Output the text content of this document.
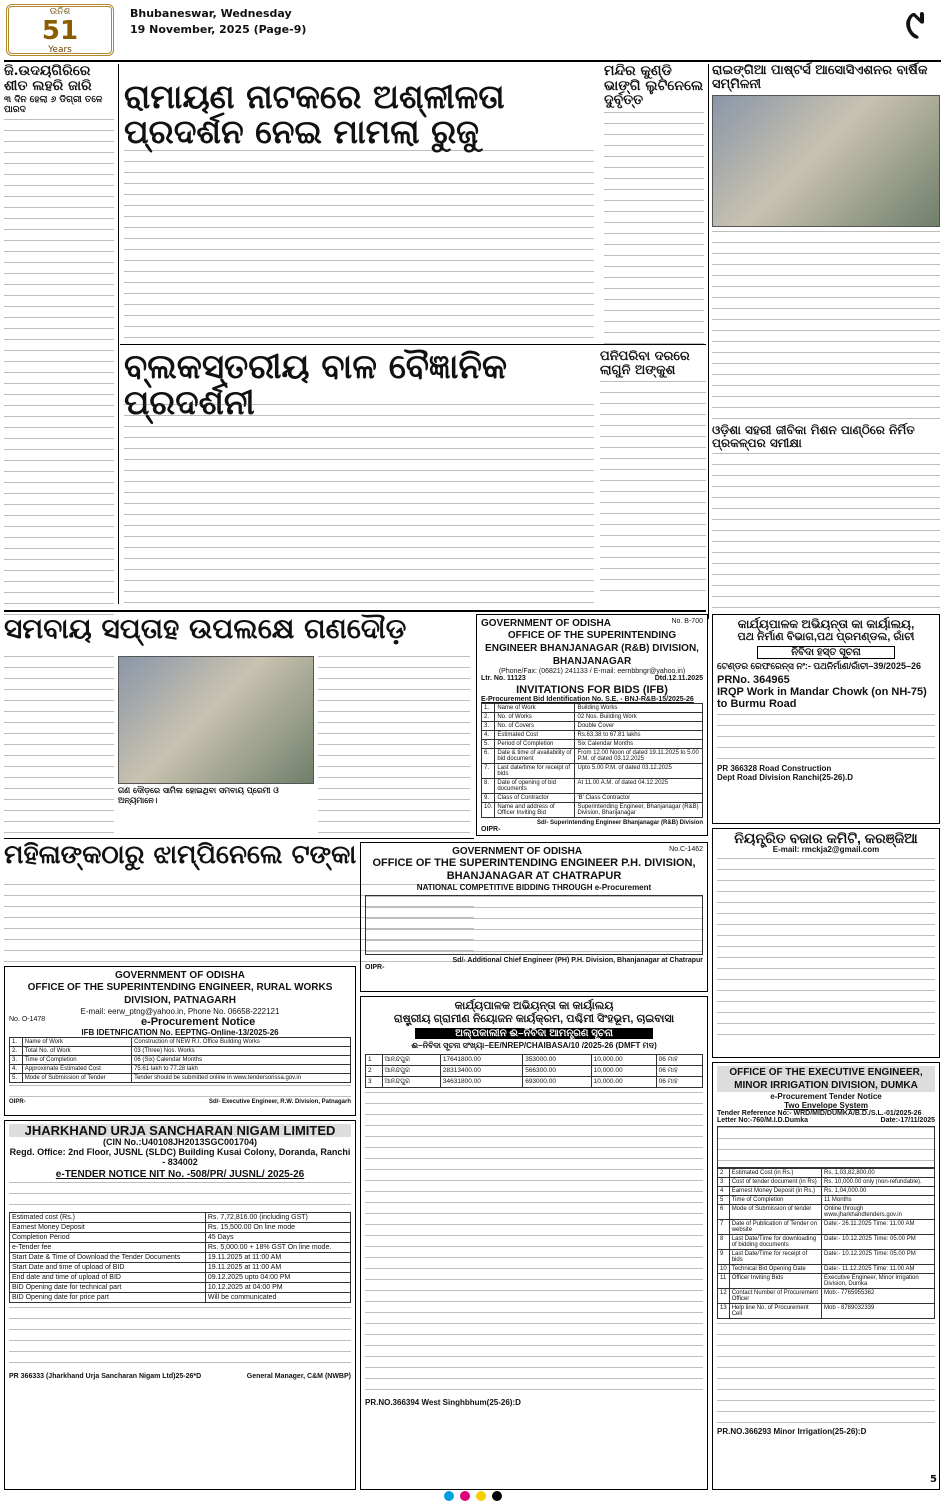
ଉନିଶ
51
Years
Bhubaneswar, Wednesday
19 November, 2025 (Page-9)	୯
ଜି.ଉଦୟଗିରିରେ ଶୀତ ଲହରି ଜାରି
୩ ଦିନ ହେଲା ୬ ଡିଗ୍ରୀ ତଳେ ପାରଦ	ରାମାୟଣ ନାଟକରେ ଅଶ୍ଳୀଳତା ପ୍ରଦର୍ଶନ ନେଇ ମାମଲା ରୁଜୁ
ମନ୍ଦିର କୁଣ୍ଡି ଭାଙ୍ଗି ଲୁଟିନେଲେ ଦୁର୍ବୃତ୍ତ
ରାଇଙ୍ଗିଆ ପାଷ୍ଟର୍ସ ଆସୋସିଏଶନର ବାର୍ଷିକ ସମ୍ମିଳନୀ
ବ୍ଲକସ୍ତରୀୟ ବାଳ ବୈଜ୍ଞାନିକ ପ୍ରଦର୍ଶନୀ
ପନିପରିବା ଦରରେ ଲାଗୁନି ଅଙ୍କୁଶ
ଓଡ଼ିଶା ସହରୀ ଜୀବିକା ମିଶନ ପାଣ୍ଠିରେ ନିର୍ମିତ ପ୍ରକଳ୍ପର ସମୀକ୍ଷା
ସମବାୟ ସପ୍ତାହ ଉପଲକ୍ଷେ ଗଣଦୌଡ଼
ଗଣ ଦୌଡ଼ରେ ସାମିଲ ହୋଇଥିବା ସମବାୟ ପ୍ରେମୀ ଓ ଅନ୍ୟମାନେ।
ମହିଳାଙ୍କଠାରୁ ଝାମ୍ପିନେଲେ ଟଙ୍କା
GOVERNMENT OF ODISHA	No. B-700
OFFICE OF THE SUPERINTENDING ENGINEER BHANJANAGAR (R&B) DIVISION, BHANJANAGAR
(Phone/Fax: (06821) 241133 / E-mail: eernbbngr@yahoo.in)
Ltr. No. 11123	Dtd.12.11.2025
INVITATIONS FOR BIDS (IFB)
E-Procurement Bid Identification No. S.E. - BNJ-R&B-15/2025-26
1.	Name of Work	Building Works
2.	No. of Works	02 Nos. Building Work
3.	No. of Covers	Double Cover
4.	Estimated Cost	Rs.63.38 to 67.81 lakhs
5.	Period of Completion	Six Calendar Months
6.	Date & time of availability of bid document	From 12.00 Noon of dated 19.11.2025 to 5.00 P.M. of dated 03.12.2025
7.	Last date/time for receipt of bids	Upto 5.00 P.M. of dated 03.12.2025
8.	Date of opening of bid documents	At 11.00 A.M. of dated 04.12.2025
9.	Class of Contractor	'B' Class Contractor
10.	Name and address of Officer Inviting Bid	Superintending Engineer, Bhanjanagar (R&B) Division, Bhanjanagar
Sd/- Superintending Engineer Bhanjanagar (R&B) Division
OIPR-
କାର୍ଯ୍ୟପାଳକ ଅଭିୟନ୍ତା କା କାର୍ୟାଲୟ,
ପଥ ନିର୍ମାଣ ବିଭାଗ,ପଥ ପ୍ରମଣ୍ଡଲ, ରାଁଚୀ
ନିବିଦା ହସ୍ତ ସୂଚନା
ଟେଣ୍ଡର ରେଫରେନ୍ସ ନଂ:- ପଥନିର୍ମାଣ/ରାଁଚୀ–39/2025–26
PRNo. 364965
IRQP Work in Mandar Chowk (on NH-75) to Burmu Road
PR 366328 Road Construction
Dept Road Division Ranchi(25-26).D
ନିୟନ୍ତ୍ରିତ ବଜାର କମିଟି, କରଞ୍ଜିଆ
E-mail: rmckja2@gmail.com
GOVERNMENT OF ODISHA	No.C-1462
OFFICE OF THE SUPERINTENDING ENGINEER P.H. DIVISION, BHANJANAGAR AT CHATRAPUR
NATIONAL COMPETITIVE BIDDING THROUGH e-Procurement
Sd/- Additional Chief Engineer (PH) P.H. Division, Bhanjanagar at Chatrapur
OIPR-
GOVERNMENT OF ODISHA
OFFICE OF THE SUPERINTENDING ENGINEER, RURAL WORKS DIVISION, PATNAGARH
E-mail: eerw_ptng@yahoo.in, Phone No. 06658-222121
No. O-1478	e-Procurement Notice
IFB IDETNFICATION No. EEPTNG-Online-13/2025-26
1.	Name of Work	Construction of NEW R.I. Office Building Works
2.	Total No. of Work	03 (Three) Nos. Works
3.	Time of Completion	06 (Six) Calendar Months
4.	Approximate Estimated Cost	75.61 lakh to 77.28 lakh
5.	Mode of Submission of Tender	Tender should be submitted online in www.tendersorissa.gov.in
OIPR-	Sd/- Executive Engineer, R.W. Division, Patnagarh
କାର୍ଯ୍ୟପାଳକ ଅଭିୟନ୍ତା କା କାର୍ୟାଲୟ
ରାଷ୍ଟ୍ରୀୟ ଗ୍ରାମୀଣ ନିୟୋଜନ କାର୍ୟକ୍ରମ, ପଶ୍ଚିମୀ ସିଂହଭୂମ, ଚାଇବାସା
ଅଲ୍ପକାଲୀନ ଈ–ନିବିଦା ଆମନ୍ତ୍ରଣ ସୂଚନା
ଈ–ନିବିଦା ସୂଚନା ସଂଖ୍ୟା–EE/NREP/CHAIBASA/10 /2025-26 (DMFT ମଦ)
1	ଆନନ୍ଦପୁର	17641800.00	353000.00	10,000.00	06 ମାହ
2	ଆନନ୍ଦପୁର	28313400.00	566300.00	10,000.00	06 ମାହ
3	ଆନନ୍ଦପୁର	34631800.00	693000.00	10,000.00	06 ମାହ
PR.NO.366394 West Singhbhum(25-26):D
JHARKHAND URJA SANCHARAN NIGAM LIMITED
(CIN No.:U40108JH2013SGC001704)
Regd. Office: 2nd Floor, JUSNL (SLDC) Building Kusai Colony, Doranda, Ranchi - 834002
e-TENDER NOTICE NIT No. -508/PR/ JUSNL/ 2025-26
Estimated cost (Rs.)	Rs. 7,72,816.00 (including GST)
Earnest Money Deposit	Rs. 15,500.00 On line mode
Completion Period	45 Days
e-Tender fee	Rs. 5,000.00 + 18% GST On line mode.
Start Date & Time of Download the Tender Documents	19.11.2025 at 11:00 AM
Start Date and time of upload of BID	19.11.2025 at 11:00 AM
End date and time of upload of BID	09.12.2025 upto 04:00 PM
BID Opening date for technical part	10.12.2025 at 04:00 PM
BID Opening date for price part	Will be communicated
PR 366333 (Jharkhand Urja Sancharan Nigam Ltd)25-26*D	General Manager, C&M (NWBP)
OFFICE OF THE EXECUTIVE ENGINEER, MINOR IRRIGATION DIVISION, DUMKA
e-Procurement Tender Notice
Two Envelope System
Tender Reference No:- WRD/MID/DUMKA/B.D./S.L.-01/2025-26
Letter No:-760/M.I.D.Dumka	Date:-17/11/2025
2	Estimated Cost (in Rs.)	Rs. 1,03,82,800.00
3	Cost of tender document (in Rs)	Rs. 10,000.00 only (non-refundable).
4	Earnest Money Deposit (in Rs.)	Rs. 1,04,000.00
5	Time of Completion	11 Months
6	Mode of Submission of tender	Online through www.jharkhandtenders.gov.in
7	Date of Publication of Tender on website	Date:- 26.11.2025 Time: 11.00 AM
8	Last Date/Time for downloading of bidding documents	Date:- 10.12.2025 Time: 05.00 PM
9	Last Date/Time for receipt of bids	Date:- 10.12.2025 Time: 05.00 PM
10	Technical Bid Opening Date	Date:- 11.12.2025 Time: 11.00 AM
11	Officer Inviting Bids	Executive Engineer, Minor Irrigation Division, Dumka
12	Contact Number of Procurement Officer	Mob:- 7765955362
13	Help line No. of Procurement Cell	Mob - 8789032339
PR.NO.366293 Minor Irrigation(25-26):D
5
